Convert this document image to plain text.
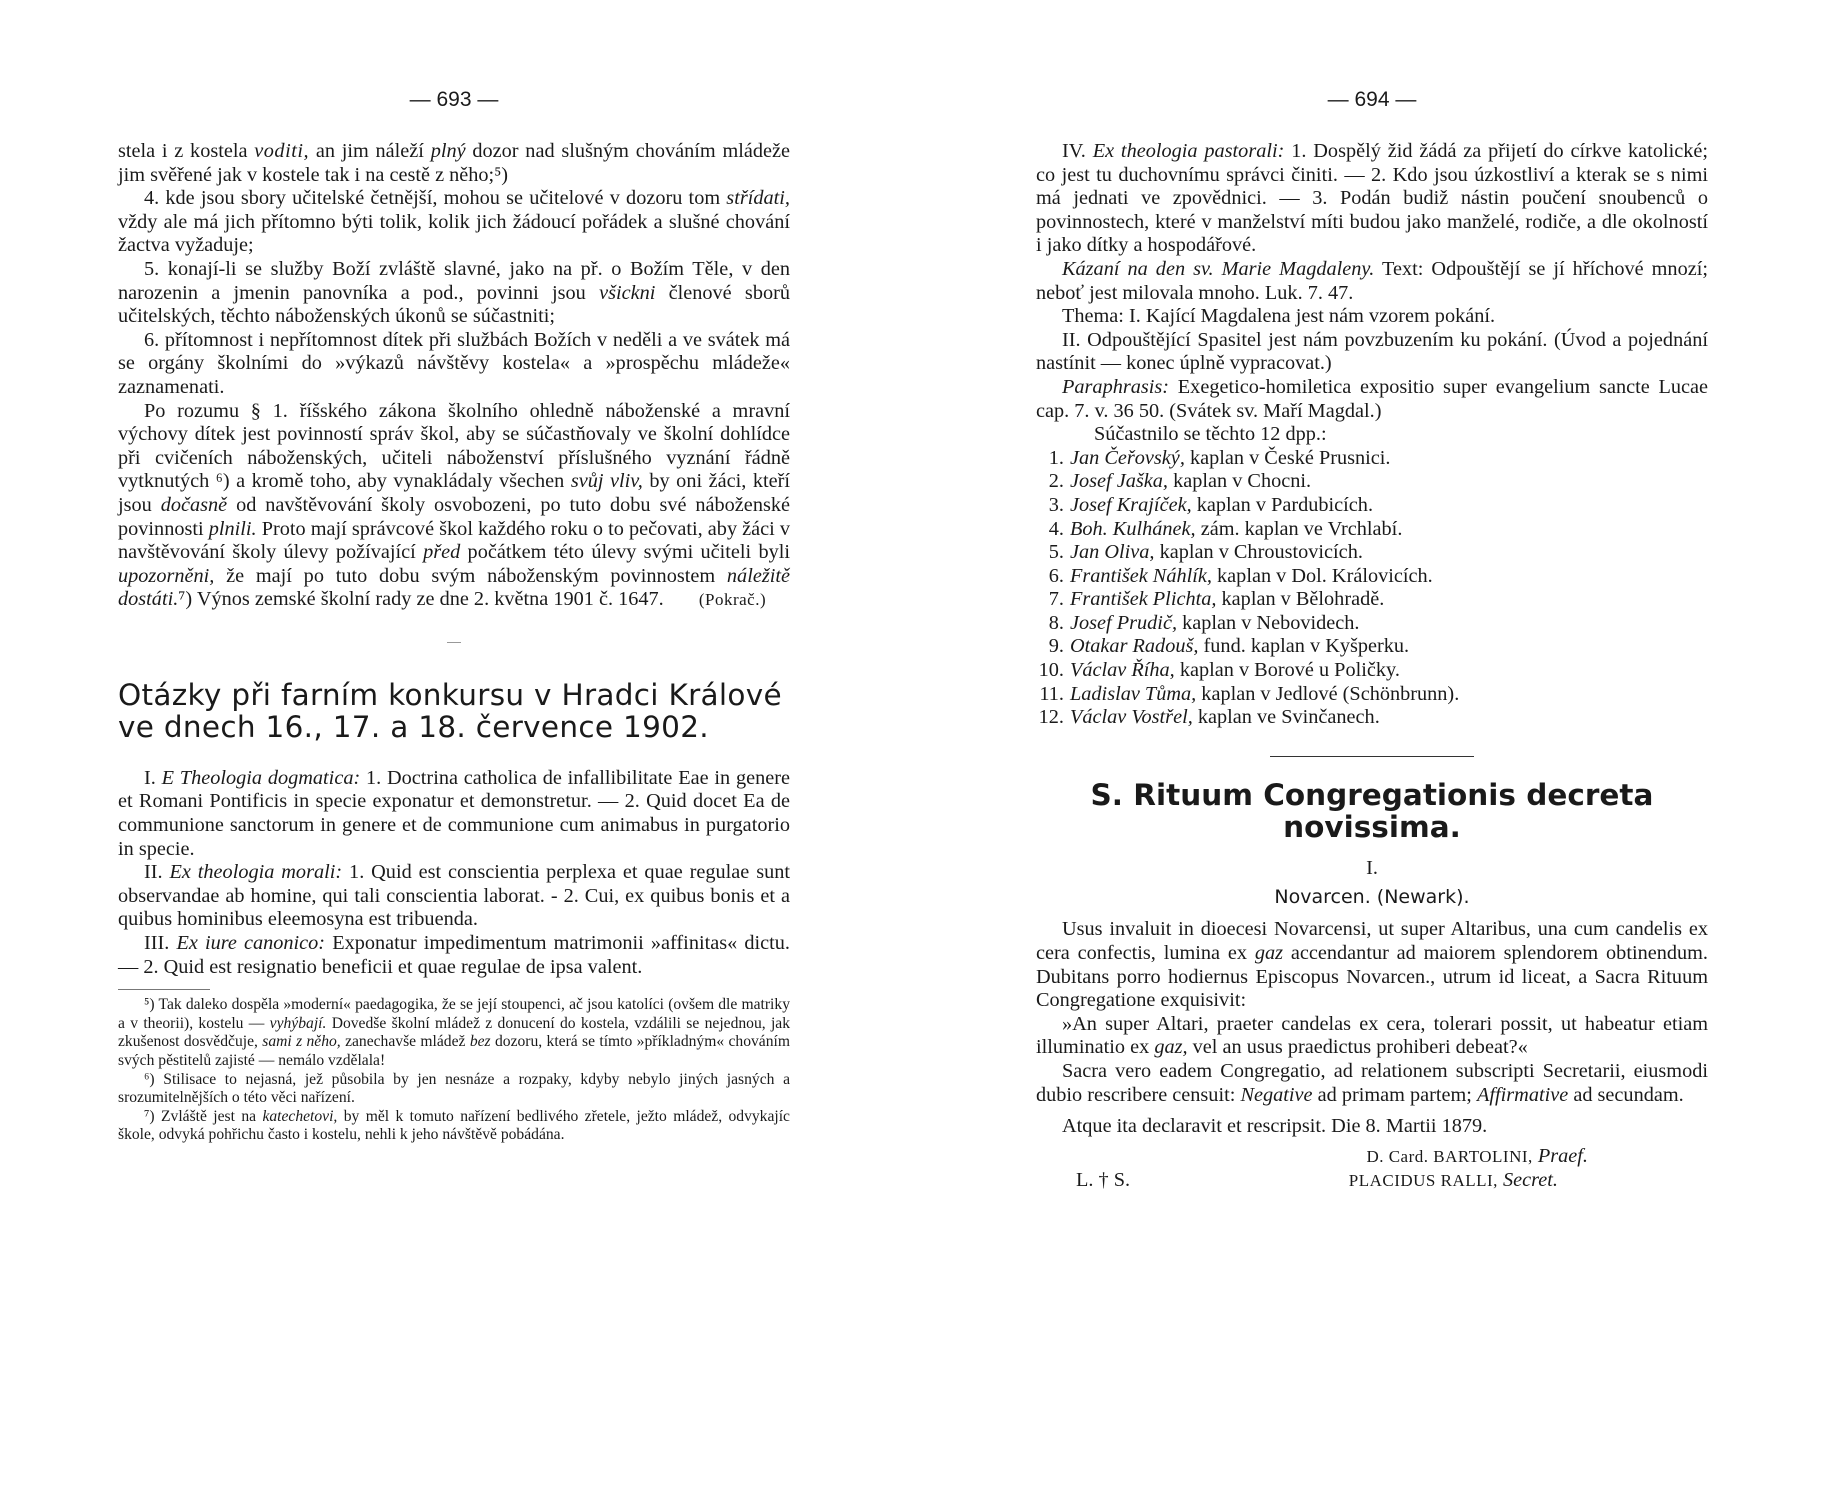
— 693 —

stela i z kostela voditi, an jim náleží plný dozor nad slušným chováním mládeže jim svěřené jak v kostele tak i na cestě z něho;⁵)

4. kde jsou sbory učitelské četnější, mohou se učitelové v dozoru tom střídati, vždy ale má jich přítomno býti tolik, kolik jich žádoucí pořádek a slušné chování žactva vyžaduje;

5. konají-li se služby Boží zvláště slavné, jako na př. o Božím Těle, v den narozenin a jmenin panovníka a pod., povinni jsou všickni členové sborů učitelských, těchto náboženských úkonů se súčastniti;

6. přítomnost i nepřítomnost dítek při službách Božích v neděli a ve svátek má se orgány školními do »výkazů návštěvy kostela« a »prospěchu mládeže« zaznamenati.

Po rozumu § 1. říšského zákona školního ohledně náboženské a mravní výchovy dítek jest povinností správ škol, aby se súčastňovaly ve školní dohlídce při cvičeních náboženských, učiteli náboženství příslušného vyznání řádně vytknutých ⁶) a kromě toho, aby vynakládaly všechen svůj vliv, by oni žáci, kteří jsou dočasně od navštěvování školy osvobozeni, po tuto dobu své náboženské povinnosti plnili. Proto mají správcové škol každého roku o to pečovati, aby žáci v navštěvování školy úlevy požívající před počátkem této úlevy svými učiteli byli upozorněni, že mají po tuto dobu svým náboženským povinnostem náležitě dostáti.⁷) Výnos zemské školní rady ze dne 2. května 1901 č. 1647. (Pokrač.)

Otázky při farním konkursu v Hradci Králové ve dnech 16., 17. a 18. července 1902.

I. E Theologia dogmatica: 1. Doctrina catholica de infallibilitate Eae in genere et Romani Pontificis in specie exponatur et demonstretur. — 2. Quid docet Ea de communione sanctorum in genere et de communione cum animabus in purgatorio in specie.

II. Ex theologia morali: 1. Quid est conscientia perplexa et quae regulae sunt observandae ab homine, qui tali conscientia laborat. - 2. Cui, ex quibus bonis et a quibus hominibus eleemosyna est tribuenda.

III. Ex iure canonico: Exponatur impedimentum matrimonii »affinitas« dictu. — 2. Quid est resignatio beneficii et quae regulae de ipsa valent.

⁵) Tak daleko dospěla »moderní« paedagogika, že se její stoupenci, ač jsou katolíci (ovšem dle matriky a v theorii), kostelu — vyhýbají. Dovedše školní mládež z donucení do kostela, vzdálili se nejednou, jak zkušenost dosvědčuje, sami z něho, zanechavše mládež bez dozoru, která se tímto »příkladným« chováním svých pěstitelů zajisté — nemálo vzdělala!

⁶) Stilisace to nejasná, jež působila by jen nesnáze a rozpaky, kdyby nebylo jiných jasných a srozumitelnějších o této věci nařízení.

⁷) Zvláště jest na katechetovi, by měl k tomuto nařízení bedlivého zřetele, ježto mládež, odvykajíc škole, odvyká pohřichu často i kostelu, nehli k jeho návštěvě pobádána.

— 694 —

IV. Ex theologia pastorali: 1. Dospělý žid žádá za přijetí do církve katolické; co jest tu duchovnímu správci činiti. — 2. Kdo jsou úzkostliví a kterak se s nimi má jednati ve zpovědnici. — 3. Podán budiž nástin poučení snoubenců o povinnostech, které v manželství míti budou jako manželé, rodiče, a dle okolností i jako dítky a hospodářové.

Kázaní na den sv. Marie Magdaleny. Text: Odpouštějí se jí hříchové mnozí; neboť jest milovala mnoho. Luk. 7. 47.

Thema: I. Kající Magdalena jest nám vzorem pokání.

II. Odpouštějící Spasitel jest nám povzbuzením ku pokání. (Úvod a pojednání nastínit — konec úplně vypracovat.)

Paraphrasis: Exegetico-homiletica expositio super evangelium sancte Lucae cap. 7. v. 36 50. (Svátek sv. Maří Magdal.)

Súčastnilo se těchto 12 dpp.:

1. Jan Čeřovský, kaplan v České Prusnici.
2. Josef Jaška, kaplan v Chocni.
3. Josef Krajíček, kaplan v Pardubicích.
4. Boh. Kulhánek, zám. kaplan ve Vrchlabí.
5. Jan Oliva, kaplan v Chroustovicích.
6. František Náhlík, kaplan v Dol. Královicích.
7. František Plichta, kaplan v Bělohradě.
8. Josef Prudič, kaplan v Nebovidech.
9. Otakar Radouš, fund. kaplan v Kyšperku.
10. Václav Říha, kaplan v Borové u Poličky.
11. Ladislav Tůma, kaplan v Jedlové (Schönbrunn).
12. Václav Vostřel, kaplan ve Svinčanech.
S. Rituum Congregationis decreta novissima.
I.
Novarcen. (Newark).

Usus invaluit in dioecesi Novarcensi, ut super Altaribus, una cum candelis ex cera confectis, lumina ex gaz accendantur ad maiorem splendorem obtinendum. Dubitans porro hodiernus Episcopus Novarcen., utrum id liceat, a Sacra Rituum Congregatione exquisivit:

»An super Altari, praeter candelas ex cera, tolerari possit, ut habeatur etiam illuminatio ex gaz, vel an usus praedictus prohiberi debeat?«

Sacra vero eadem Congregatio, ad relationem subscripti Secretarii, eiusmodi dubio rescribere censuit: Negative ad primam partem; Affirmative ad secundam.

Atque ita declaravit et rescripsit. Die 8. Martii 1879.

D. Card. BARTOLINI, Praef.
L. † S.	PLACIDUS RALLI, Secret.
